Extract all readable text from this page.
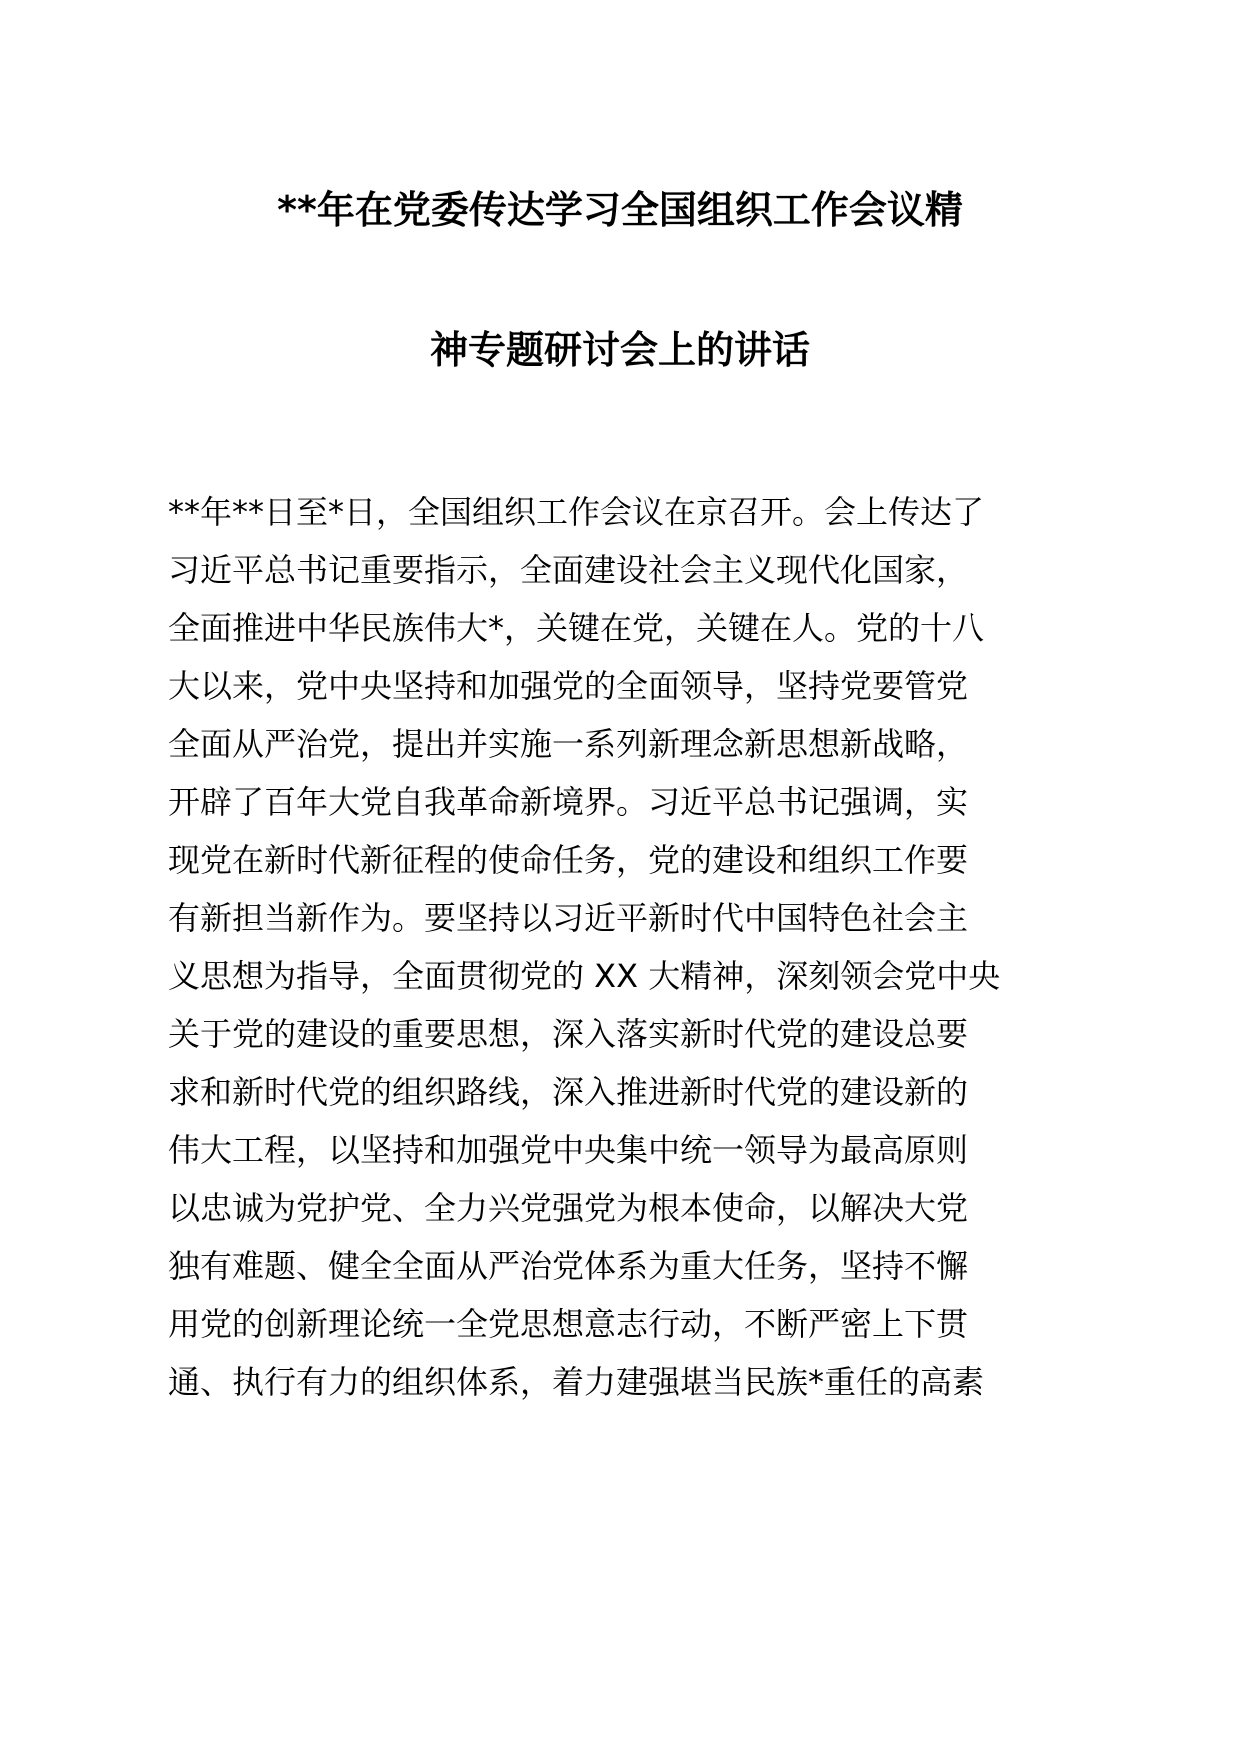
**年在党委传达学习全国组织工作会议精
神专题研讨会上的讲话
**年**日至*日，全国组织工作会议在京召开。会上传达了
习近平总书记重要指示，全面建设社会主义现代化国家，
全面推进中华民族伟大*，关键在党，关键在人。党的十八
大以来，党中央坚持和加强党的全面领导，坚持党要管党
全面从严治党，提出并实施一系列新理念新思想新战略，
开辟了百年大党自我革命新境界。习近平总书记强调，实
现党在新时代新征程的使命任务，党的建设和组织工作要
有新担当新作为。要坚持以习近平新时代中国特色社会主
义思想为指导，全面贯彻党的 XX 大精神，深刻领会党中央
关于党的建设的重要思想，深入落实新时代党的建设总要
求和新时代党的组织路线，深入推进新时代党的建设新的
伟大工程，以坚持和加强党中央集中统一领导为最高原则
以忠诚为党护党、全力兴党强党为根本使命，以解决大党
独有难题、健全全面从严治党体系为重大任务，坚持不懈
用党的创新理论统一全党思想意志行动，不断严密上下贯
通、执行有力的组织体系，着力建强堪当民族*重任的高素
